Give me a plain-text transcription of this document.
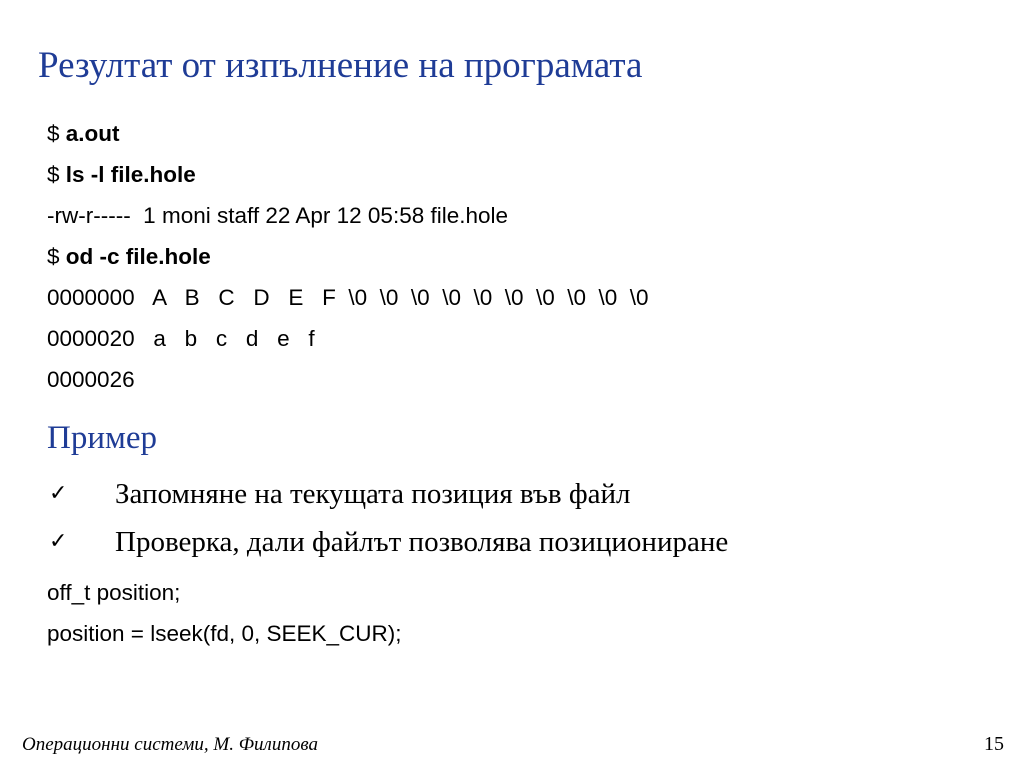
Резултат от изпълнение на програмата
$ a.out
$ ls -l file.hole
-rw-r-----  1 moni staff 22 Apr 12 05:58 file.hole
$ od -c file.hole
0000000   A   B   C   D   E   F  \0  \0  \0  \0  \0  \0  \0  \0  \0  \0
0000020   a   b   c   d   e   f
0000026
Пример
✓ Запомняне на текущата позиция във файл
✓ Проверка, дали файлът позволява позициониране
off_t position;
position = lseek(fd, 0, SEEK_CUR);
Операционни системи, М. Филипова	15
